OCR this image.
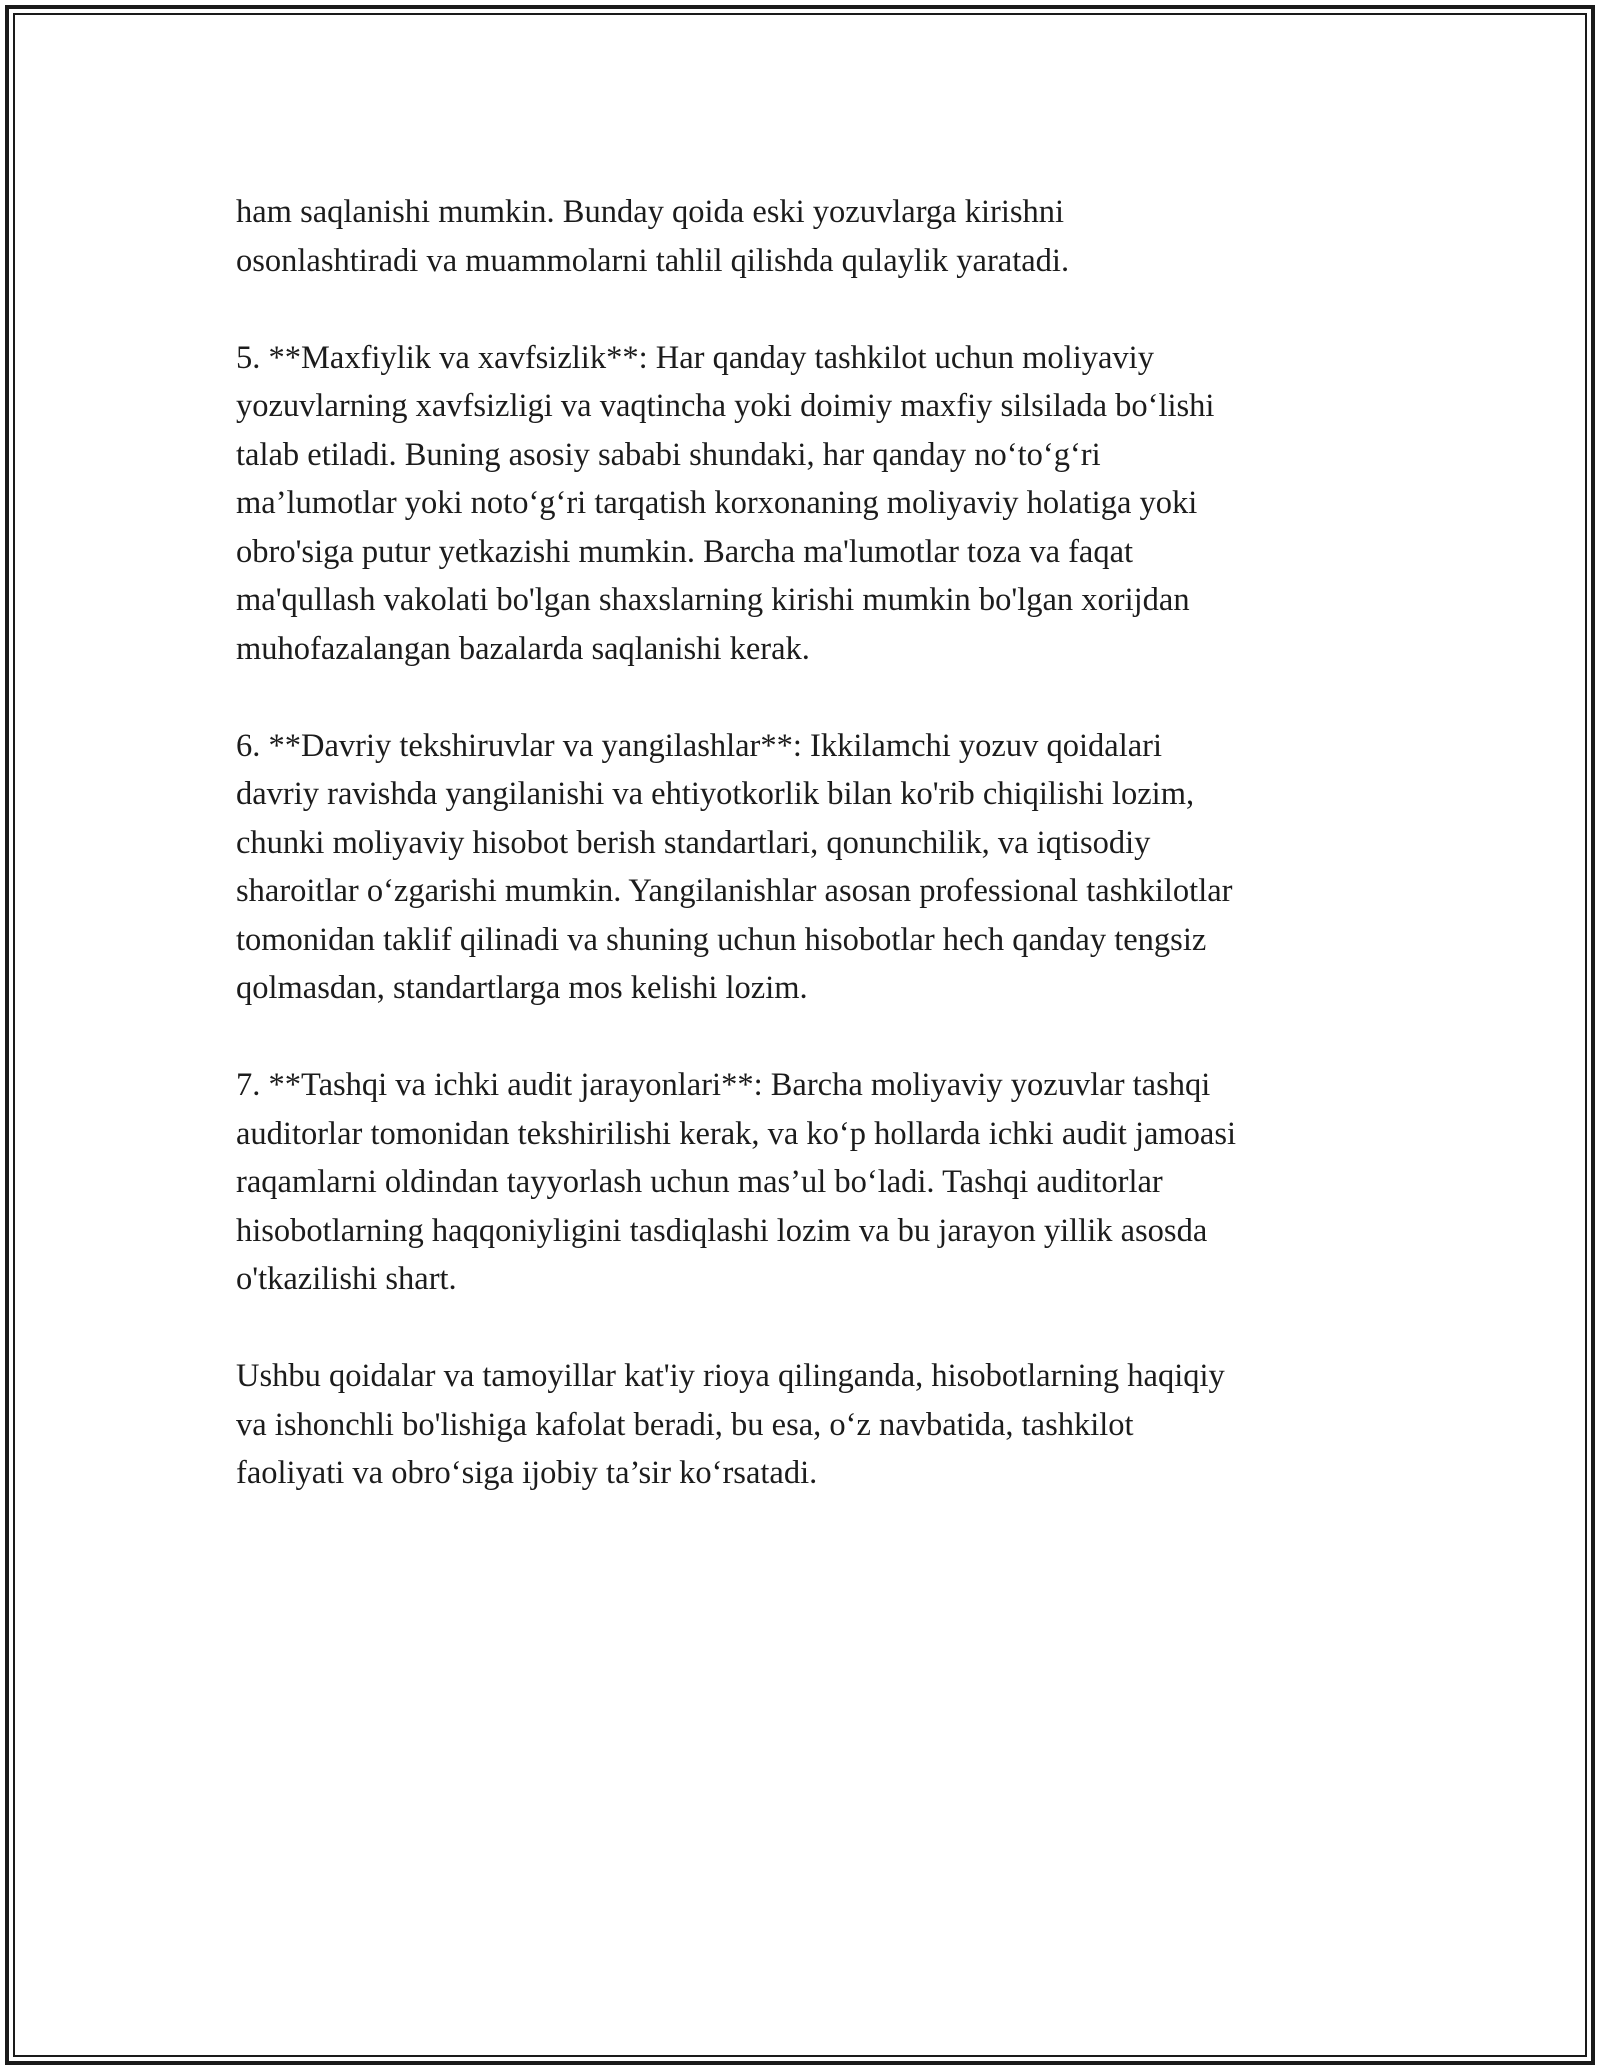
ham saqlanishi mumkin. Bunday qoida eski yozuvlarga kirishni
osonlashtiradi va muammolarni tahlil qilishda qulaylik yaratadi.

5. **Maxfiylik va xavfsizlik**: Har qanday tashkilot uchun moliyaviy
yozuvlarning xavfsizligi va vaqtincha yoki doimiy maxfiy silsilada bo‘lishi
talab etiladi. Buning asosiy sababi shundaki, har qanday no‘to‘g‘ri
ma’lumotlar yoki noto‘g‘ri tarqatish korxonaning moliyaviy holatiga yoki
obro'siga putur yetkazishi mumkin. Barcha ma'lumotlar toza va faqat
ma'qullash vakolati bo'lgan shaxslarning kirishi mumkin bo'lgan xorijdan
muhofazalangan bazalarda saqlanishi kerak.

6. **Davriy tekshiruvlar va yangilashlar**: Ikkilamchi yozuv qoidalari
davriy ravishda yangilanishi va ehtiyotkorlik bilan ko'rib chiqilishi lozim,
chunki moliyaviy hisobot berish standartlari, qonunchilik, va iqtisodiy
sharoitlar o‘zgarishi mumkin. Yangilanishlar asosan professional tashkilotlar
tomonidan taklif qilinadi va shuning uchun hisobotlar hech qanday tengsiz
qolmasdan, standartlarga mos kelishi lozim.

7. **Tashqi va ichki audit jarayonlari**: Barcha moliyaviy yozuvlar tashqi
auditorlar tomonidan tekshirilishi kerak, va ko‘p hollarda ichki audit jamoasi
raqamlarni oldindan tayyorlash uchun mas’ul bo‘ladi. Tashqi auditorlar
hisobotlarning haqqoniyligini tasdiqlashi lozim va bu jarayon yillik asosda
o'tkazilishi shart.

Ushbu qoidalar va tamoyillar kat'iy rioya qilinganda, hisobotlarning haqiqiy
va ishonchli bo'lishiga kafolat beradi, bu esa, o‘z navbatida, tashkilot
faoliyati va obro‘siga ijobiy ta’sir ko‘rsatadi.
